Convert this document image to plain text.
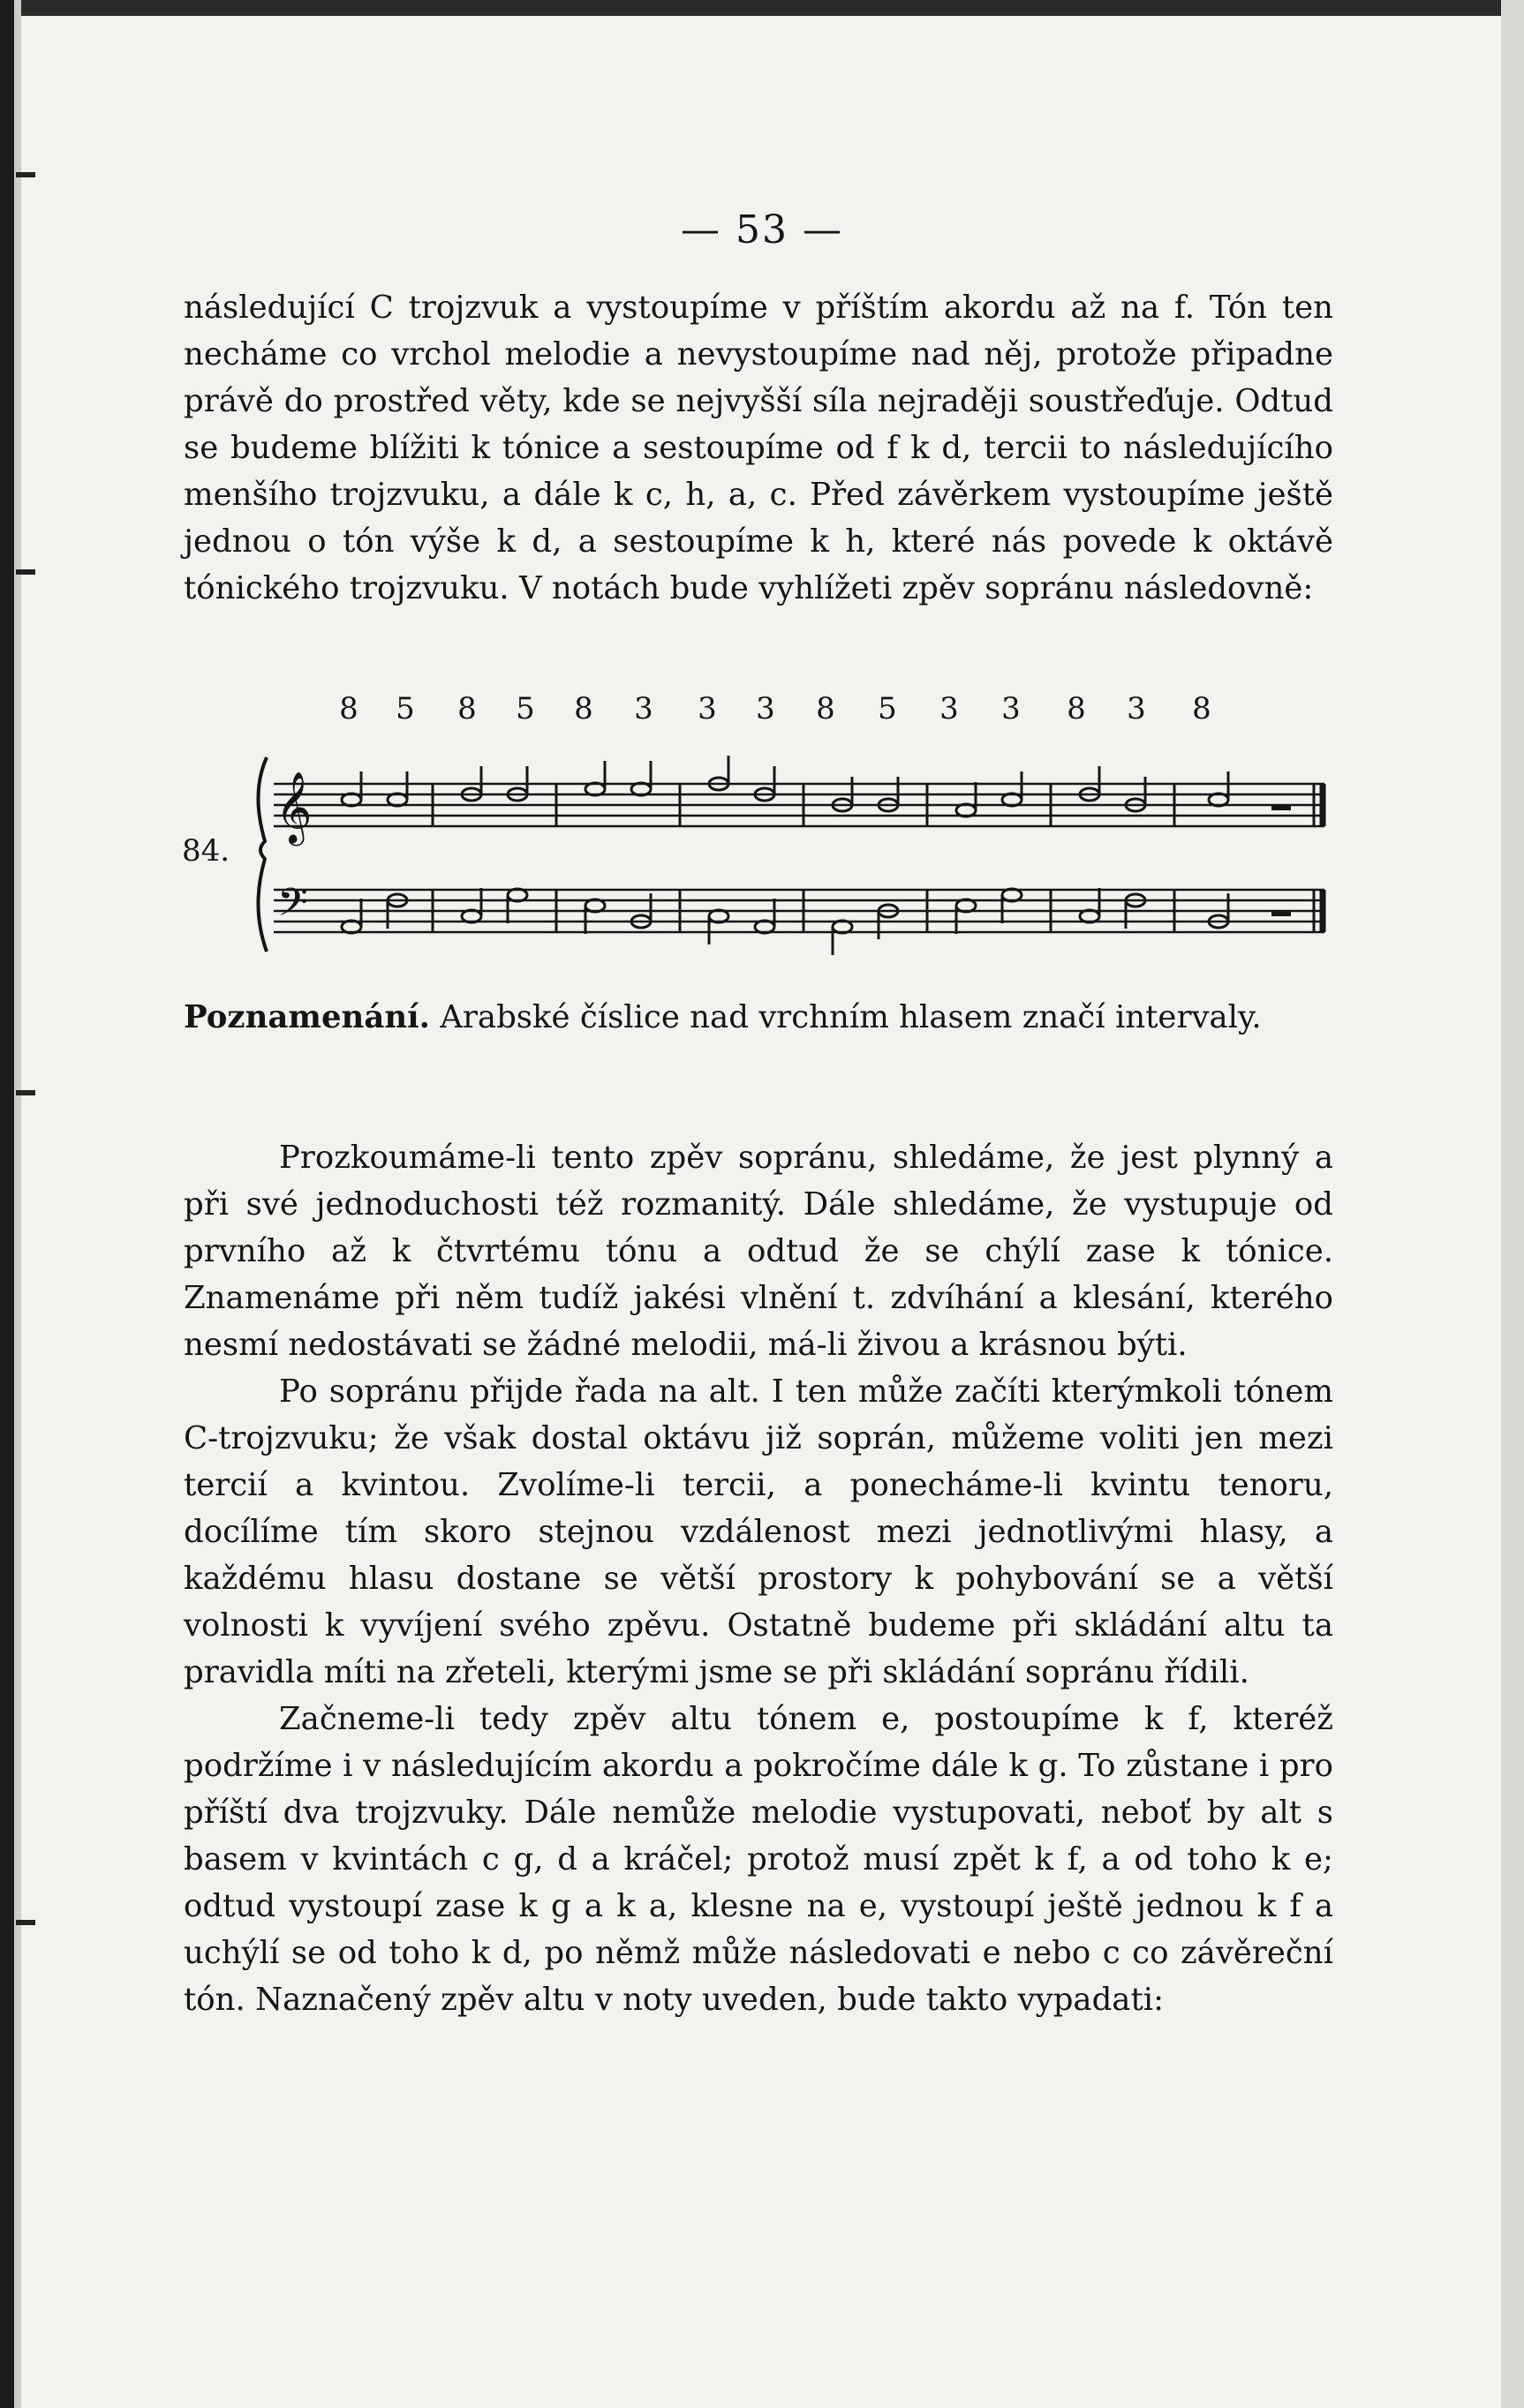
— 53 —

následující C trojzvuk a vystoupíme v příštím akordu až na f. Tón ten necháme co vrchol melodie a nevystoupíme nad něj, protože připadne právě do prostřed věty, kde se nejvyšší síla nejraději soustřeďuje. Odtud se budeme blížiti k tónice a sestoupíme od f k d, tercii to následujícího menšího trojzvuku, a dále k c, h, a, c. Před závěrkem vystoupíme ještě jednou o tón výše k d, a sestoupíme k h, které nás povede k oktávě tónického trojzvuku. V notách bude vyhlížeti zpěv sopránu následovně:

8 5 8 5 8 3 3 3 8 5 3 3 8 3 8
84.
𝄞
𝄢
Poznamenání. Arabské číslice nad vrchním hlasem značí intervaly.

Prozkoumáme-li tento zpěv sopránu, shledáme, že jest plynný a při své jednoduchosti též rozmanitý. Dále shledáme, že vystupuje od prvního až k čtvrtému tónu a odtud že se chýlí zase k tónice. Znamenáme při něm tudíž jakési vlnění t. zdvíhání a klesání, kterého nesmí nedostávati se žádné melodii, má-li živou a krásnou býti.

Po sopránu přijde řada na alt. I ten může začíti kterýmkoli tónem C-trojzvuku; že však dostal oktávu již soprán, můžeme voliti jen mezi tercií a kvintou. Zvolíme-li tercii, a ponecháme-li kvintu tenoru, docílíme tím skoro stejnou vzdálenost mezi jednotlivými hlasy, a každému hlasu dostane se větší prostory k pohybování se a větší volnosti k vyvíjení svého zpěvu. Ostatně budeme při skládání altu ta pravidla míti na zřeteli, kterými jsme se při skládání sopránu řídili.

Začneme-li tedy zpěv altu tónem e, postoupíme k f, kteréž podržíme i v následujícím akordu a pokročíme dále k g. To zůstane i pro příští dva trojzvuky. Dále nemůže melodie vystupovati, neboť by alt s basem v kvintách c g, d a kráčel; protož musí zpět k f, a od toho k e; odtud vystoupí zase k g a k a, klesne na e, vystoupí ještě jednou k f a uchýlí se od toho k d, po němž může následovati e nebo c co závěreční tón. Naznačený zpěv altu v noty uveden, bude takto vypadati:
